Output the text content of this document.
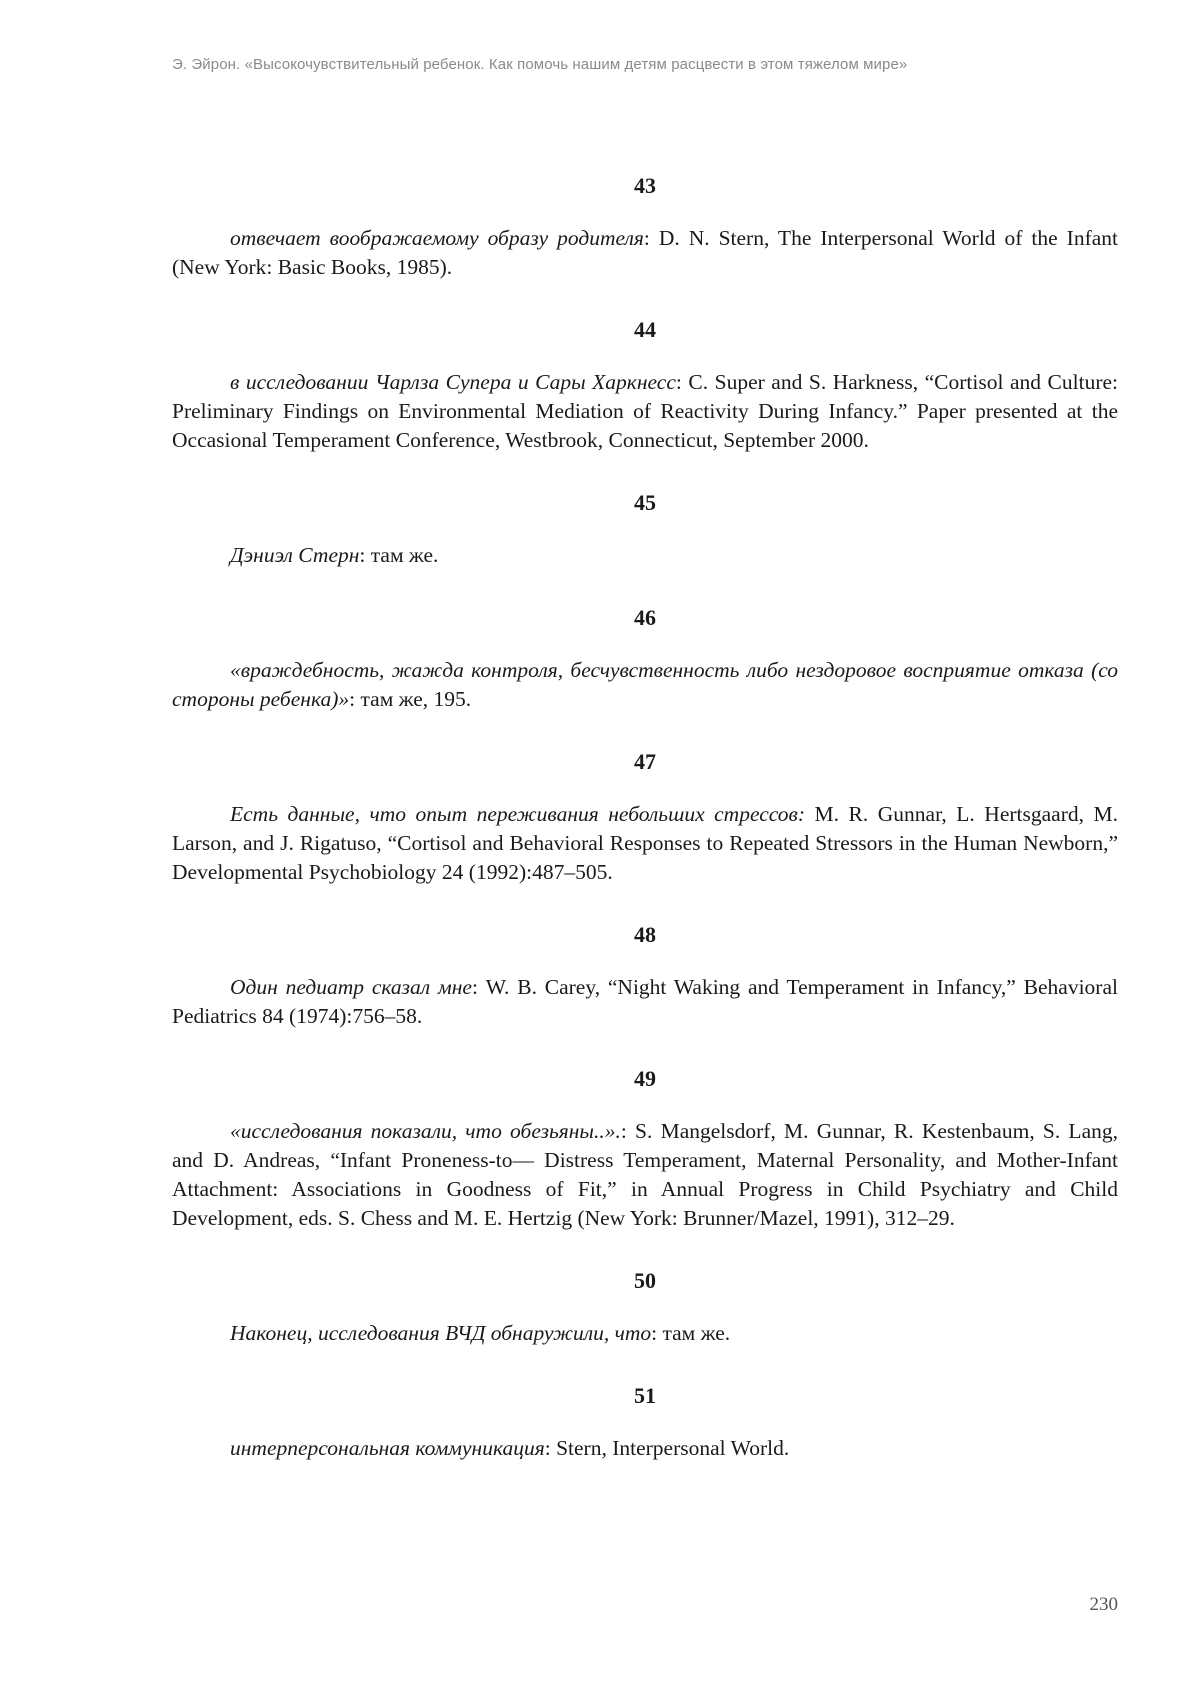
Э. Эйрон. «Высокочувствительный ребенок. Как помочь нашим детям расцвести в этом тяжелом мире»
43

отвечает воображаемому образу родителя: D. N. Stern, The Interpersonal World of the Infant (New York: Basic Books, 1985).

44

в исследовании Чарлза Супера и Сары Харкнесс: C. Super and S. Harkness, “Cortisol and Culture: Preliminary Findings on Environmental Mediation of Reactivity During Infancy.” Paper presented at the Occasional Temperament Conference, Westbrook, Connecticut, September 2000.

45

Дэниэл Стерн: там же.

46

«враждебность, жажда контроля, бесчувственность либо нездоровое восприятие отказа (со стороны ребенка)»: там же, 195.

47

Есть данные, что опыт переживания небольших стрессов: M. R. Gunnar, L. Hertsgaard, M. Larson, and J. Rigatuso, “Cortisol and Behavioral Responses to Repeated Stressors in the Human Newborn,” Developmental Psychobiology 24 (1992):487–505.

48

Один педиатр сказал мне: W. B. Carey, “Night Waking and Temperament in Infancy,” Behavioral Pediatrics 84 (1974):756–58.

49

«исследования показали, что обезьяны..».: S. Mangelsdorf, M. Gunnar, R. Kestenbaum, S. Lang, and D. Andreas, “Infant Proneness-to— Distress Temperament, Maternal Personality, and Mother-Infant Attachment: Associations in Goodness of Fit,” in Annual Progress in Child Psychiatry and Child Development, eds. S. Chess and M. E. Hertzig (New York: Brunner/Mazel, 1991), 312–29.

50

Наконец, исследования ВЧД обнаружили, что: там же.

51

интерперсональная коммуникация: Stern, Interpersonal World.

230
